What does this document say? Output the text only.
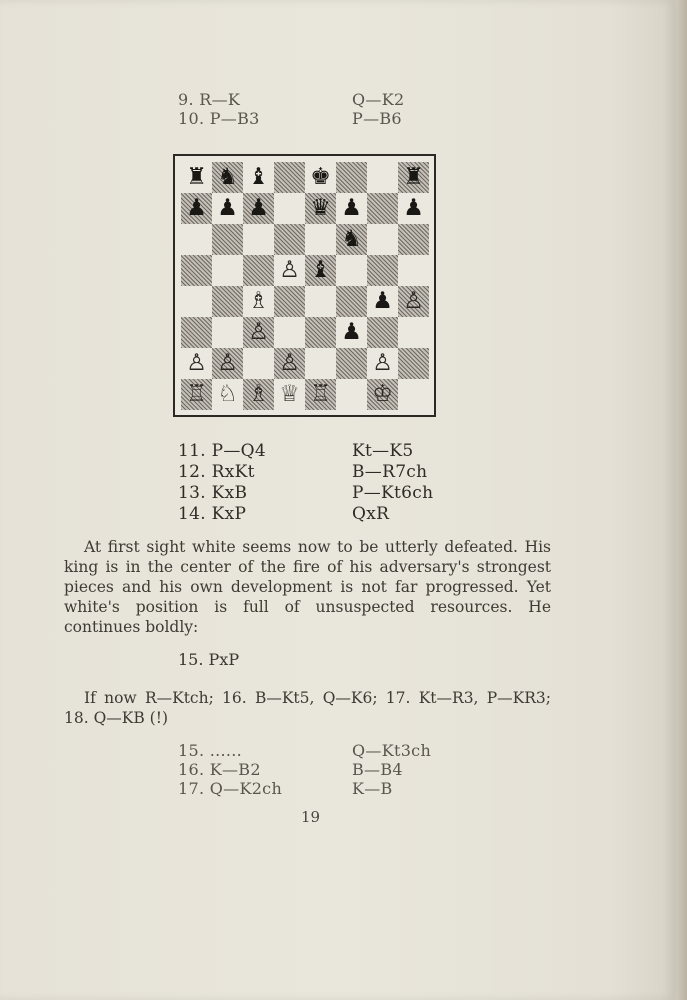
9. R—K	Q—K2
10. P—B3	P—B6
♜ ♞ ♝ ♚	♜
♟ ♟ ♟ ♛ ♟ ♟
♞
♙ ♝
♗	♟ ♙
♙	♟
♙ ♙ ♙	♙
♖ ♘ ♗ ♕ ♖ ♔
11. P—Q4	Kt—K5
12. RxKt	B—R7ch
13. KxB	P—Kt6ch
14. KxP	QxR
At first sight white seems now to be utterly defeated. His king is in the center of the fire of his adversary's strongest pieces and his own development is not far progressed. Yet white's position is full of unsuspected resources. He continues boldly:
15. PxP
If now R—Ktch; 16. B—Kt5, Q—K6; 17. Kt—R3, P—KR3; 18. Q—KB (!)
15. ......	Q—Kt3ch
16. K—B2	B—B4
17. Q—K2ch	K—B
19
